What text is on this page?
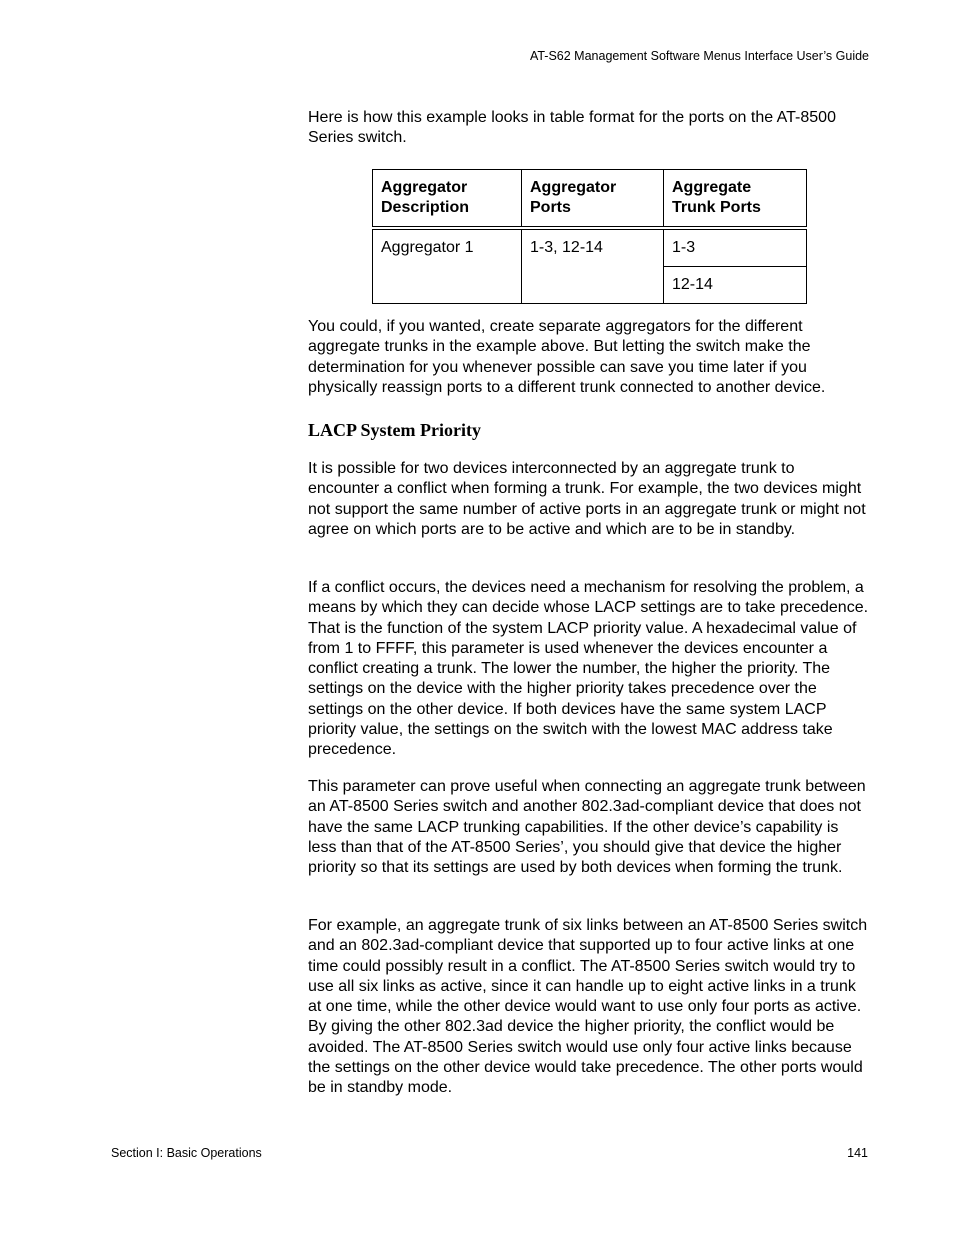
AT-S62 Management Software Menus Interface User’s Guide

Here is how this example looks in table format for the ports on the AT-8500 Series switch.

Aggregator Description	Aggregator Ports	Aggregate Trunk Ports
Aggregator 1	1-3, 12-14	1-3
		12-14

You could, if you wanted, create separate aggregators for the different aggregate trunks in the example above. But letting the switch make the determination for you whenever possible can save you time later if you physically reassign ports to a different trunk connected to another device.

LACP System Priority

It is possible for two devices interconnected by an aggregate trunk to encounter a conflict when forming a trunk. For example, the two devices might not support the same number of active ports in an aggregate trunk or might not agree on which ports are to be active and which are to be in standby.

If a conflict occurs, the devices need a mechanism for resolving the problem, a means by which they can decide whose LACP settings are to take precedence. That is the function of the system LACP priority value. A hexadecimal value of from 1 to FFFF, this parameter is used whenever the devices encounter a conflict creating a trunk. The lower the number, the higher the priority. The settings on the device with the higher priority takes precedence over the settings on the other device. If both devices have the same system LACP priority value, the settings on the switch with the lowest MAC address take precedence.

This parameter can prove useful when connecting an aggregate trunk between an AT-8500 Series switch and another 802.3ad-compliant device that does not have the same LACP trunking capabilities. If the other device’s capability is less than that of the AT-8500 Series’, you should give that device the higher priority so that its settings are used by both devices when forming the trunk.

For example, an aggregate trunk of six links between an AT-8500 Series switch and an 802.3ad-compliant device that supported up to four active links at one time could possibly result in a conflict. The AT-8500 Series switch would try to use all six links as active, since it can handle up to eight active links in a trunk at one time, while the other device would want to use only four ports as active. By giving the other 802.3ad device the higher priority, the conflict would be avoided. The AT-8500 Series switch would use only four active links because the settings on the other device would take precedence. The other ports would be in standby mode.

Section I: Basic Operations	141
